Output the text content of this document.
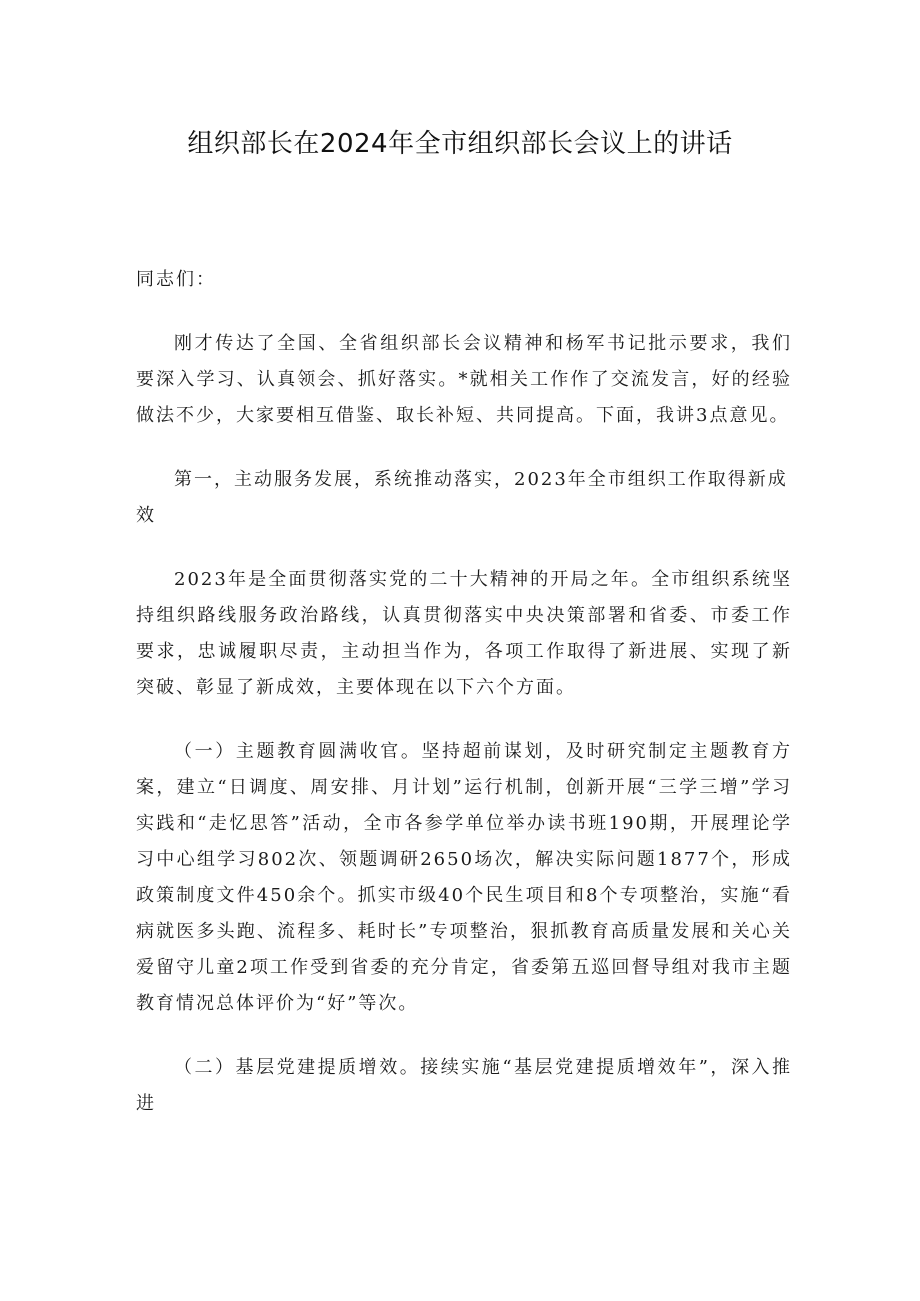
组织部长在2024年全市组织部长会议上的讲话

同志们：

刚才传达了全国、全省组织部长会议精神和杨军书记批示要求，我们要深入学习、认真领会、抓好落实。*就相关工作作了交流发言，好的经验做法不少，大家要相互借鉴、取长补短、共同提高。下面，我讲3点意见。

第一，主动服务发展，系统推动落实，2023年全市组织工作取得新成效

2023年是全面贯彻落实党的二十大精神的开局之年。全市组织系统坚持组织路线服务政治路线，认真贯彻落实中央决策部署和省委、市委工作要求，忠诚履职尽责，主动担当作为，各项工作取得了新进展、实现了新突破、彰显了新成效，主要体现在以下六个方面。

（一）主题教育圆满收官。坚持超前谋划，及时研究制定主题教育方案，建立“日调度、周安排、月计划”运行机制，创新开展“三学三增”学习实践和“走忆思答”活动，全市各参学单位举办读书班190期，开展理论学习中心组学习802次、领题调研2650场次，解决实际问题1877个，形成政策制度文件450余个。抓实市级40个民生项目和8个专项整治，实施“看病就医多头跑、流程多、耗时长”专项整治，狠抓教育高质量发展和关心关爱留守儿童2项工作受到省委的充分肯定，省委第五巡回督导组对我市主题教育情况总体评价为“好”等次。

（二）基层党建提质增效。接续实施“基层党建提质增效年”，深入推进
